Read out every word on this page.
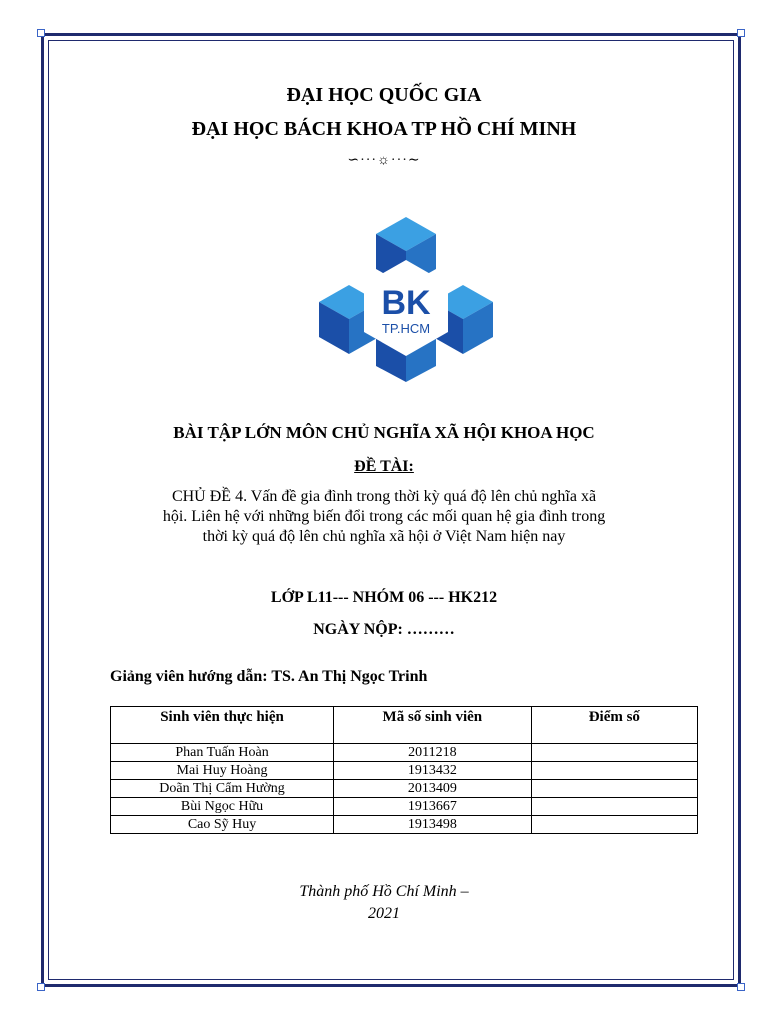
ĐẠI HỌC QUỐC GIA
ĐẠI HỌC BÁCH KHOA TP HỒ CHÍ MINH
∽···☼···∼
BK
TP.HCM
BÀI TẬP LỚN MÔN CHỦ NGHĨA XÃ HỘI KHOA HỌC
ĐỀ TÀI:
CHỦ ĐỀ 4. Vấn đề gia đình trong thời kỳ quá độ lên chủ nghĩa xã
hội. Liên hệ với những biến đổi trong các mối quan hệ gia đình trong
thời kỳ quá độ lên chủ nghĩa xã hội ở Việt Nam hiện nay
LỚP L11--- NHÓM 06 --- HK212
NGÀY NỘP: ………
Giảng viên hướng dẫn: TS. An Thị Ngọc Trinh
Sinh viên thực hiện	Mã số sinh viên	Điểm số
Phan Tuấn Hoàn	2011218	
Mai Huy Hoàng	1913432	
Doãn Thị Cẩm Hường	2013409	
Bùi Ngọc Hữu	1913667	
Cao Sỹ Huy	1913498	
Thành phố Hồ Chí Minh –
2021
